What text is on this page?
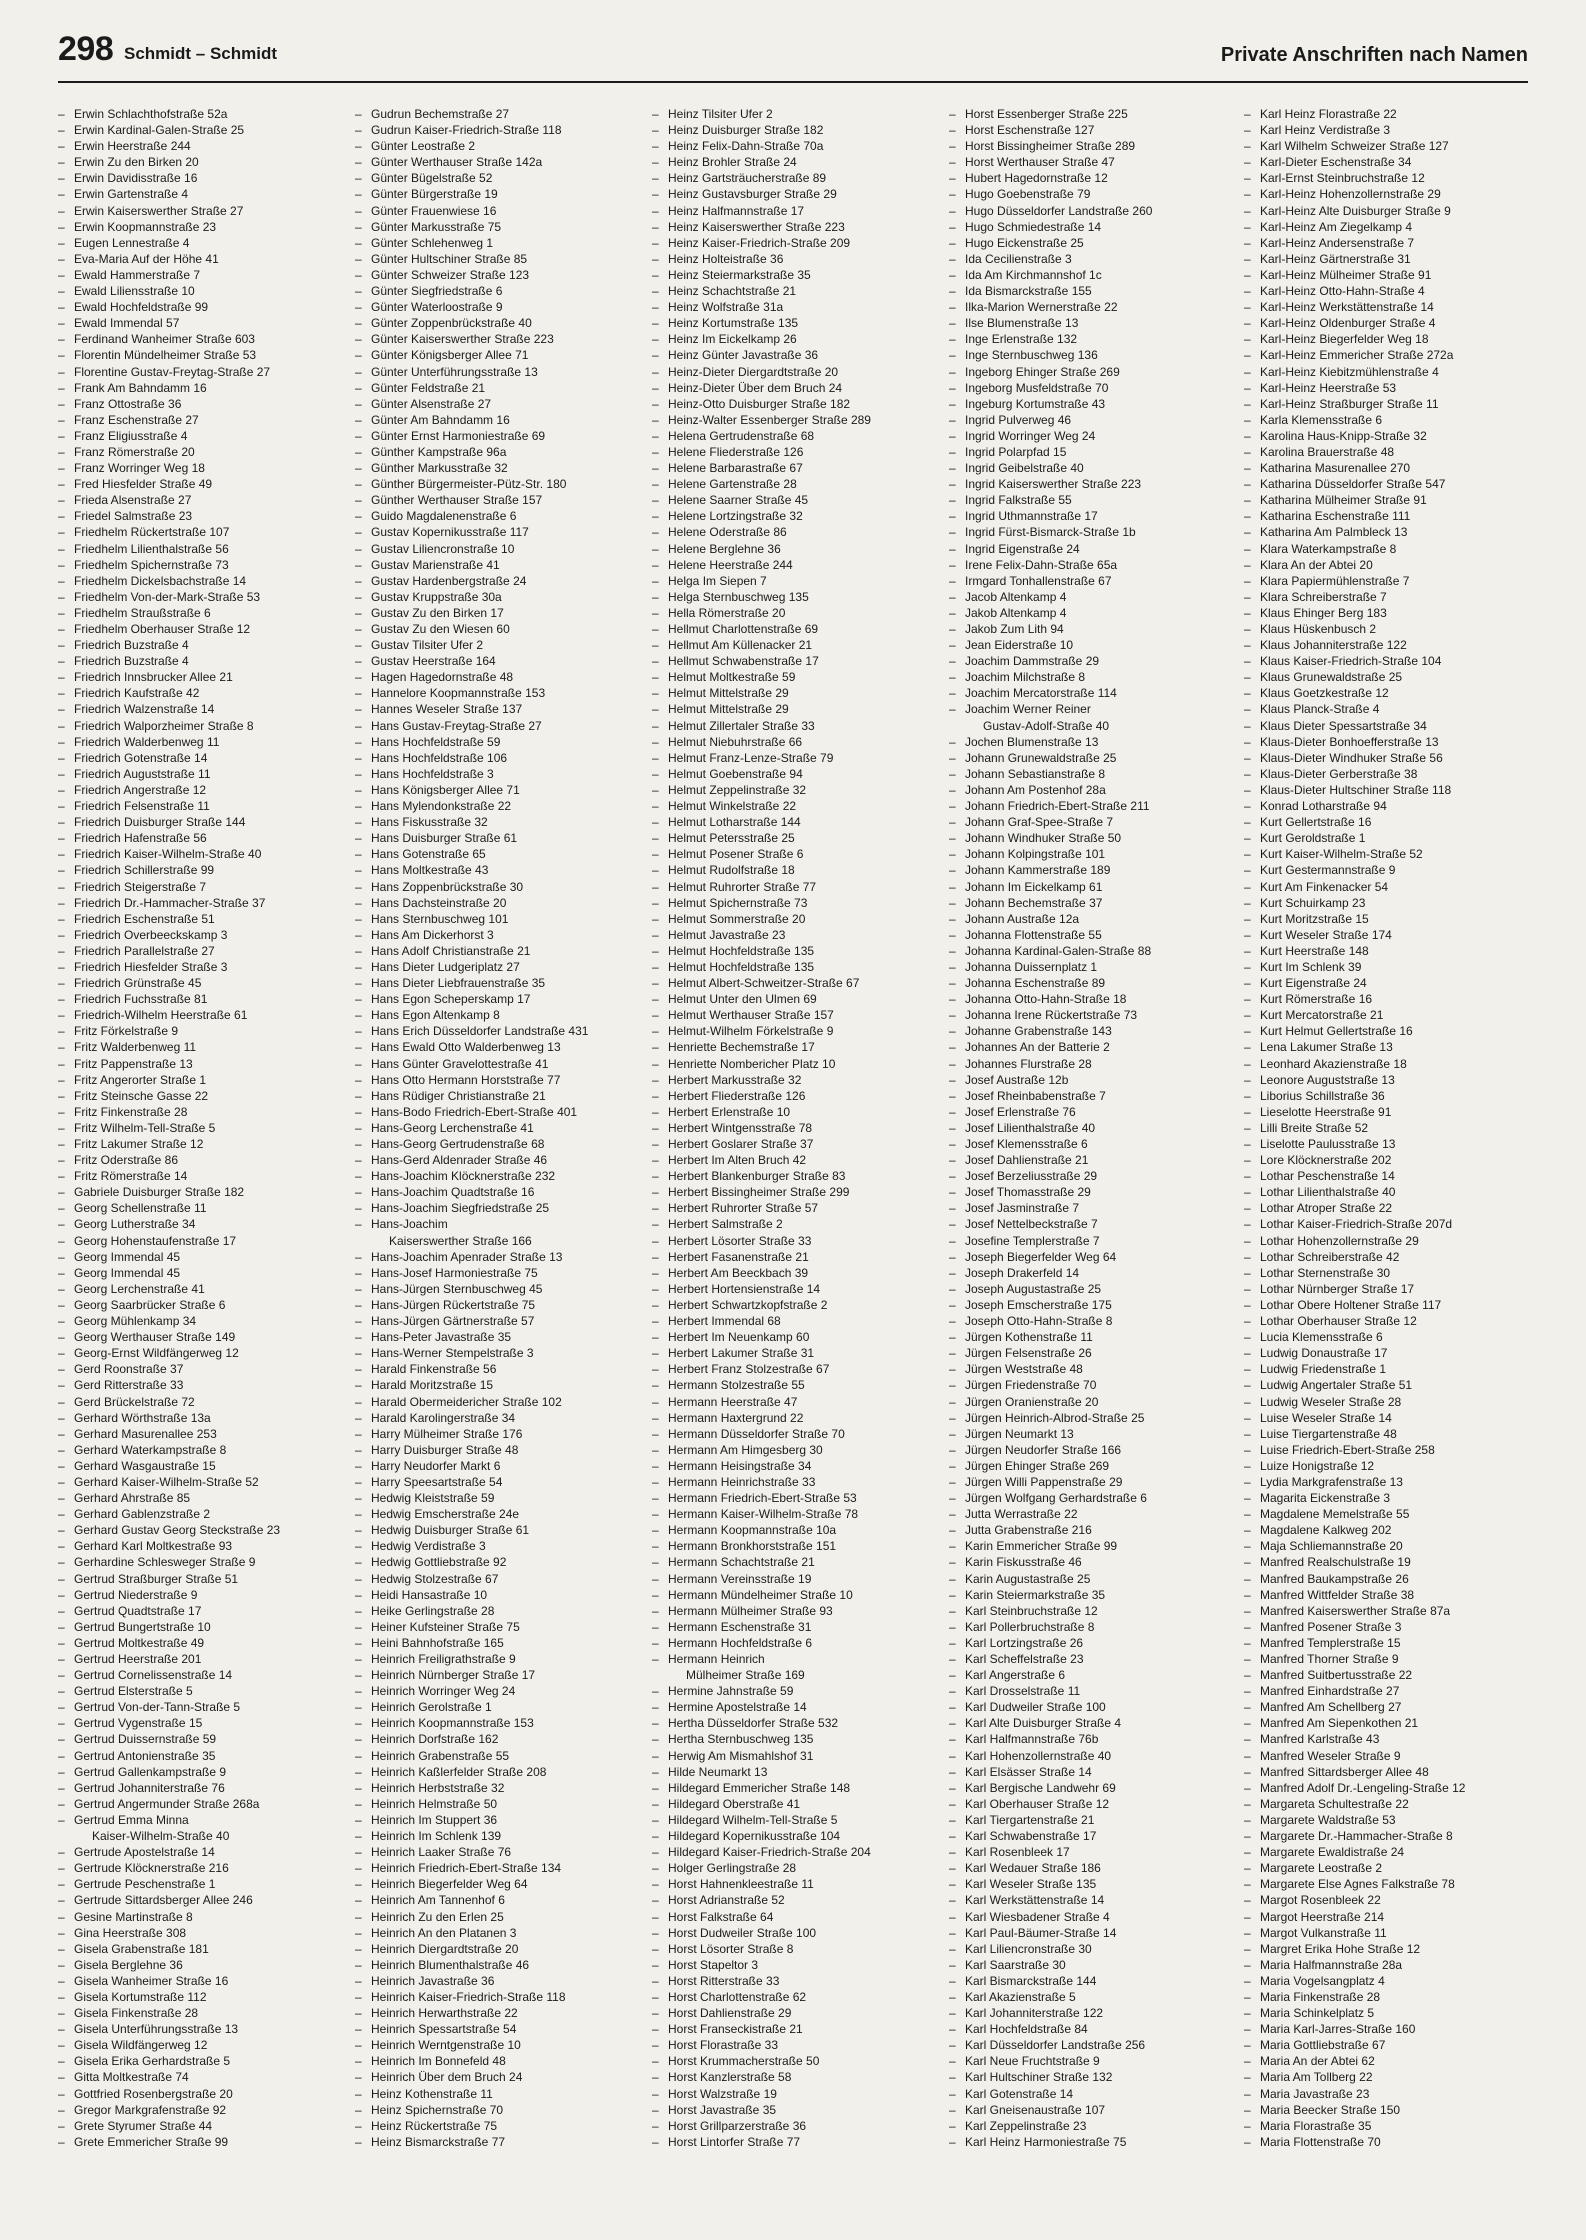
298 Schmidt – Schmidt	Private Anschriften nach Namen
– Erwin Schlachthofstraße 52a
– Erwin Kardinal-Galen-Straße 25
– Erwin Heerstraße 244
– Erwin Zu den Birken 20
– Erwin Davidisstraße 16
– Erwin Gartenstraße 4
– Erwin Kaiserswerther Straße 27
– Erwin Koopmannstraße 23
– Eugen Lennestraße 4
– Eva-Maria Auf der Höhe 41
– Ewald Hammerstraße 7
– Ewald Liliensstraße 10
– Ewald Hochfeldstraße 99
– Ewald Immendal 57
– Ferdinand Wanheimer Straße 603
– Florentin Mündelheimer Straße 53
– Florentine Gustav-Freytag-Straße 27
– Frank Am Bahndamm 16
– Franz Ottostraße 36
– Franz Eschenstraße 27
– Franz Eligiusstraße 4
– Franz Römerstraße 20
– Franz Worringer Weg 18
– Fred Hiesfelder Straße 49
– Frieda Alsenstraße 27
– Friedel Salmstraße 23
– Friedhelm Rückertstraße 107
– Friedhelm Lilienthalstraße 56
– Friedhelm Spichernstraße 73
– Friedhelm Dickelsbachstraße 14
– Friedhelm Von-der-Mark-Straße 53
– Friedhelm Straußstraße 6
– Friedhelm Oberhauser Straße 12
– Friedrich Buzstraße 4
– Friedrich Buzstraße 4
– Friedrich Innsbrucker Allee 21
– Friedrich Kaufstraße 42
– Friedrich Walzenstraße 14
– Friedrich Walporzheimer Straße 8
– Friedrich Walderbenweg 11
– Friedrich Gotenstraße 14
– Friedrich Auguststraße 11
– Friedrich Angerstraße 12
– Friedrich Felsenstraße 11
– Friedrich Duisburger Straße 144
– Friedrich Hafenstraße 56
– Friedrich Kaiser-Wilhelm-Straße 40
– Friedrich Schillerstraße 99
– Friedrich Steigerstraße 7
– Friedrich Dr.-Hammacher-Straße 37
– Friedrich Eschenstraße 51
– Friedrich Overbeeckskamp 3
– Friedrich Parallelstraße 27
– Friedrich Hiesfelder Straße 3
– Friedrich Grünstraße 45
– Friedrich Fuchsstraße 81
– Friedrich-Wilhelm Heerstraße 61
– Fritz Förkelstraße 9
– Fritz Walderbenweg 11
– Fritz Pappenstraße 13
– Fritz Angerorter Straße 1
– Fritz Steinsche Gasse 22
– Fritz Finkenstraße 28
– Fritz Wilhelm-Tell-Straße 5
– Fritz Lakumer Straße 12
– Fritz Oderstraße 86
– Fritz Römerstraße 14
– Gabriele Duisburger Straße 182
– Georg Schellenstraße 11
– Georg Lutherstraße 34
– Georg Hohenstaufenstraße 17
– Georg Immendal 45
– Georg Immendal 45
– Georg Lerchenstraße 41
– Georg Saarbrücker Straße 6
– Georg Mühlenkamp 34
– Georg Werthauser Straße 149
– Georg-Ernst Wildfängerweg 12
– Gerd Roonstraße 37
– Gerd Ritterstraße 33
– Gerd Brückelstraße 72
– Gerhard Wörthstraße 13a
– Gerhard Masurenallee 253
– Gerhard Waterkampstraße 8
– Gerhard Wasgaustraße 15
– Gerhard Kaiser-Wilhelm-Straße 52
– Gerhard Ahrstraße 85
– Gerhard Gablenzstraße 2
– Gerhard Gustav Georg Steckstraße 23
– Gerhard Karl Moltkestraße 93
– Gerhardine Schlesweger Straße 9
– Gertrud Straßburger Straße 51
– Gertrud Niederstraße 9
– Gertrud Quadtstraße 17
– Gertrud Bungertstraße 10
– Gertrud Moltkestraße 49
– Gertrud Heerstraße 201
– Gertrud Cornelissenstraße 14
– Gertrud Elsterstraße 5
– Gertrud Von-der-Tann-Straße 5
– Gertrud Vygenstraße 15
– Gertrud Duissernstraße 59
– Gertrud Antonienstraße 35
– Gertrud Gallenkampstraße 9
– Gertrud Johanniterstraße 76
– Gertrud Angermunder Straße 268a
– Gertrud Emma Minna
Kaiser-Wilhelm-Straße 40
– Gertrude Apostelstraße 14
– Gertrude Klöcknerstraße 216
– Gertrude Peschenstraße 1
– Gertrude Sittardsberger Allee 246
– Gesine Martinstraße 8
– Gina Heerstraße 308
– Gisela Grabenstraße 181
– Gisela Berglehne 36
– Gisela Wanheimer Straße 16
– Gisela Kortumstraße 112
– Gisela Finkenstraße 28
– Gisela Unterführungsstraße 13
– Gisela Wildfängerweg 12
– Gisela Erika Gerhardstraße 5
– Gitta Moltkestraße 74
– Gottfried Rosenbergstraße 20
– Gregor Markgrafenstraße 92
– Grete Styrumer Straße 44
– Grete Emmericher Straße 99
– Gudrun Bechemstraße 27
– Gudrun Kaiser-Friedrich-Straße 118
– Günter Leostraße 2
– Günter Werthauser Straße 142a
– Günter Bügelstraße 52
– Günter Bürgerstraße 19
– Günter Frauenwiese 16
– Günter Markusstraße 75
– Günter Schlehenweg 1
– Günter Hultschiner Straße 85
– Günter Schweizer Straße 123
– Günter Siegfriedstraße 6
– Günter Waterloostraße 9
– Günter Zoppenbrückstraße 40
– Günter Kaiserswerther Straße 223
– Günter Königsberger Allee 71
– Günter Unterführungsstraße 13
– Günter Feldstraße 21
– Günter Alsenstraße 27
– Günter Am Bahndamm 16
– Günter Ernst Harmoniestraße 69
– Günther Kampstraße 96a
– Günther Markusstraße 32
– Günther Bürgermeister-Pütz-Str. 180
– Günther Werthauser Straße 157
– Guido Magdalenenstraße 6
– Gustav Kopernikusstraße 117
– Gustav Liliencronstraße 10
– Gustav Marienstraße 41
– Gustav Hardenbergstraße 24
– Gustav Kruppstraße 30a
– Gustav Zu den Birken 17
– Gustav Zu den Wiesen 60
– Gustav Tilsiter Ufer 2
– Gustav Heerstraße 164
– Hagen Hagedornstraße 48
– Hannelore Koopmannstraße 153
– Hannes Weseler Straße 137
– Hans Gustav-Freytag-Straße 27
– Hans Hochfeldstraße 59
– Hans Hochfeldstraße 106
– Hans Hochfeldstraße 3
– Hans Königsberger Allee 71
– Hans Mylendonkstraße 22
– Hans Fiskusstraße 32
– Hans Duisburger Straße 61
– Hans Gotenstraße 65
– Hans Moltkestraße 43
– Hans Zoppenbrückstraße 30
– Hans Dachsteinstraße 20
– Hans Sternbuschweg 101
– Hans Am Dickerhorst 3
– Hans Adolf Christianstraße 21
– Hans Dieter Ludgeriplatz 27
– Hans Dieter Liebfrauenstraße 35
– Hans Egon Scheperskamp 17
– Hans Egon Altenkamp 8
– Hans Erich Düsseldorfer Landstraße 431
– Hans Ewald Otto Walderbenweg 13
– Hans Günter Gravelottestraße 41
– Hans Otto Hermann Horststraße 77
– Hans Rüdiger Christianstraße 21
– Hans-Bodo Friedrich-Ebert-Straße 401
– Hans-Georg Lerchenstraße 41
– Hans-Georg Gertrudenstraße 68
– Hans-Gerd Aldenrader Straße 46
– Hans-Joachim Klöcknerstraße 232
– Hans-Joachim Quadtstraße 16
– Hans-Joachim Siegfriedstraße 25
– Hans-Joachim
Kaiserswerther Straße 166
– Hans-Joachim Apenrader Straße 13
– Hans-Josef Harmoniestraße 75
– Hans-Jürgen Sternbuschweg 45
– Hans-Jürgen Rückertstraße 75
– Hans-Jürgen Gärtnerstraße 57
– Hans-Peter Javastraße 35
– Hans-Werner Stempelstraße 3
– Harald Finkenstraße 56
– Harald Moritzstraße 15
– Harald Obermeidericher Straße 102
– Harald Karolingerstraße 34
– Harry Mülheimer Straße 176
– Harry Duisburger Straße 48
– Harry Neudorfer Markt 6
– Harry Speesartstraße 54
– Hedwig Kleiststraße 59
– Hedwig Emscherstraße 24e
– Hedwig Duisburger Straße 61
– Hedwig Verdistraße 3
– Hedwig Gottliebstraße 92
– Hedwig Stolzestraße 67
– Heidi Hansastraße 10
– Heike Gerlingstraße 28
– Heiner Kufsteiner Straße 75
– Heini Bahnhofstraße 165
– Heinrich Freiligrathstraße 9
– Heinrich Nürnberger Straße 17
– Heinrich Worringer Weg 24
– Heinrich Gerolstraße 1
– Heinrich Koopmannstraße 153
– Heinrich Dorfstraße 162
– Heinrich Grabenstraße 55
– Heinrich Kaßlerfelder Straße 208
– Heinrich Herbststraße 32
– Heinrich Helmstraße 50
– Heinrich Im Stuppert 36
– Heinrich Im Schlenk 139
– Heinrich Laaker Straße 76
– Heinrich Friedrich-Ebert-Straße 134
– Heinrich Biegerfelder Weg 64
– Heinrich Am Tannenhof 6
– Heinrich Zu den Erlen 25
– Heinrich An den Platanen 3
– Heinrich Diergardtstraße 20
– Heinrich Blumenthalstraße 46
– Heinrich Javastraße 36
– Heinrich Kaiser-Friedrich-Straße 118
– Heinrich Herwarthstraße 22
– Heinrich Spessartstraße 54
– Heinrich Werntgenstraße 10
– Heinrich Im Bonnefeld 48
– Heinrich Über dem Bruch 24
– Heinz Kothenstraße 11
– Heinz Spichernstraße 70
– Heinz Rückertstraße 75
– Heinz Bismarckstraße 77
– Heinz Tilsiter Ufer 2
– Heinz Duisburger Straße 182
– Heinz Felix-Dahn-Straße 70a
– Heinz Brohler Straße 24
– Heinz Gartsträucherstraße 89
– Heinz Gustavsburger Straße 29
– Heinz Halfmannstraße 17
– Heinz Kaiserswerther Straße 223
– Heinz Kaiser-Friedrich-Straße 209
– Heinz Holteistraße 36
– Heinz Steiermarkstraße 35
– Heinz Schachtstraße 21
– Heinz Wolfstraße 31a
– Heinz Kortumstraße 135
– Heinz Im Eickelkamp 26
– Heinz Günter Javastraße 36
– Heinz-Dieter Diergardtstraße 20
– Heinz-Dieter Über dem Bruch 24
– Heinz-Otto Duisburger Straße 182
– Heinz-Walter Essenberger Straße 289
– Helena Gertrudenstraße 68
– Helene Fliederstraße 126
– Helene Barbarastraße 67
– Helene Gartenstraße 28
– Helene Saarner Straße 45
– Helene Lortzingstraße 32
– Helene Oderstraße 86
– Helene Berglehne 36
– Helene Heerstraße 244
– Helga Im Siepen 7
– Helga Sternbuschweg 135
– Hella Römerstraße 20
– Hellmut Charlottenstraße 69
– Hellmut Am Küllenacker 21
– Hellmut Schwabenstraße 17
– Helmut Moltkestraße 59
– Helmut Mittelstraße 29
– Helmut Mittelstraße 29
– Helmut Zillertaler Straße 33
– Helmut Niebuhrstraße 66
– Helmut Franz-Lenze-Straße 79
– Helmut Goebenstraße 94
– Helmut Zeppelinstraße 32
– Helmut Winkelstraße 22
– Helmut Lotharstraße 144
– Helmut Petersstraße 25
– Helmut Posener Straße 6
– Helmut Rudolfstraße 18
– Helmut Ruhrorter Straße 77
– Helmut Spichernstraße 73
– Helmut Sommerstraße 20
– Helmut Javastraße 23
– Helmut Hochfeldstraße 135
– Helmut Hochfeldstraße 135
– Helmut Albert-Schweitzer-Straße 67
– Helmut Unter den Ulmen 69
– Helmut Werthauser Straße 157
– Helmut-Wilhelm Förkelstraße 9
– Henriette Bechemstraße 17
– Henriette Nombericher Platz 10
– Herbert Markusstraße 32
– Herbert Fliederstraße 126
– Herbert Erlenstraße 10
– Herbert Wintgensstraße 78
– Herbert Goslarer Straße 37
– Herbert Im Alten Bruch 42
– Herbert Blankenburger Straße 83
– Herbert Bissingheimer Straße 299
– Herbert Ruhrorter Straße 57
– Herbert Salmstraße 2
– Herbert Lösorter Straße 33
– Herbert Fasanenstraße 21
– Herbert Am Beeckbach 39
– Herbert Hortensienstraße 14
– Herbert Schwartzkopfstraße 2
– Herbert Immendal 68
– Herbert Im Neuenkamp 60
– Herbert Lakumer Straße 31
– Herbert Franz Stolzestraße 67
– Hermann Stolzestraße 55
– Hermann Heerstraße 47
– Hermann Haxtergrund 22
– Hermann Düsseldorfer Straße 70
– Hermann Am Himgesberg 30
– Hermann Heisingstraße 34
– Hermann Heinrichstraße 33
– Hermann Friedrich-Ebert-Straße 53
– Hermann Kaiser-Wilhelm-Straße 78
– Hermann Koopmannstraße 10a
– Hermann Bronkhorststraße 151
– Hermann Schachtstraße 21
– Hermann Vereinsstraße 19
– Hermann Mündelheimer Straße 10
– Hermann Mülheimer Straße 93
– Hermann Eschenstraße 31
– Hermann Hochfeldstraße 6
– Hermann Heinrich
Mülheimer Straße 169
– Hermine Jahnstraße 59
– Hermine Apostelstraße 14
– Hertha Düsseldorfer Straße 532
– Hertha Sternbuschweg 135
– Herwig Am Mismahlshof 31
– Hilde Neumarkt 13
– Hildegard Emmericher Straße 148
– Hildegard Oberstraße 41
– Hildegard Wilhelm-Tell-Straße 5
– Hildegard Kopernikusstraße 104
– Hildegard Kaiser-Friedrich-Straße 204
– Holger Gerlingstraße 28
– Horst Hahnenkleestraße 11
– Horst Adrianstraße 52
– Horst Falkstraße 64
– Horst Dudweiler Straße 100
– Horst Lösorter Straße 8
– Horst Stapeltor 3
– Horst Ritterstraße 33
– Horst Charlottenstraße 62
– Horst Dahlienstraße 29
– Horst Franseckistraße 21
– Horst Florastraße 33
– Horst Krummacherstraße 50
– Horst Kanzlerstraße 58
– Horst Walzstraße 19
– Horst Javastraße 35
– Horst Grillparzerstraße 36
– Horst Lintorfer Straße 77
– Horst Essenberger Straße 225
– Horst Eschenstraße 127
– Horst Bissingheimer Straße 289
– Horst Werthauser Straße 47
– Hubert Hagedornstraße 12
– Hugo Goebenstraße 79
– Hugo Düsseldorfer Landstraße 260
– Hugo Schmiedestraße 14
– Hugo Eickenstraße 25
– Ida Cecilienstraße 3
– Ida Am Kirchmannshof 1c
– Ida Bismarckstraße 155
– Ilka-Marion Wernerstraße 22
– Ilse Blumenstraße 13
– Inge Erlenstraße 132
– Inge Sternbuschweg 136
– Ingeborg Ehinger Straße 269
– Ingeborg Musfeldstraße 70
– Ingeburg Kortumstraße 43
– Ingrid Pulverweg 46
– Ingrid Worringer Weg 24
– Ingrid Polarpfad 15
– Ingrid Geibelstraße 40
– Ingrid Kaiserswerther Straße 223
– Ingrid Falkstraße 55
– Ingrid Uthmannstraße 17
– Ingrid Fürst-Bismarck-Straße 1b
– Ingrid Eigenstraße 24
– Irene Felix-Dahn-Straße 65a
– Irmgard Tonhallenstraße 67
– Jacob Altenkamp 4
– Jakob Altenkamp 4
– Jakob Zum Lith 94
– Jean Eiderstraße 10
– Joachim Dammstraße 29
– Joachim Milchstraße 8
– Joachim Mercatorstraße 114
– Joachim Werner Reiner
Gustav-Adolf-Straße 40
– Jochen Blumenstraße 13
– Johann Grunewaldstraße 25
– Johann Sebastianstraße 8
– Johann Am Postenhof 28a
– Johann Friedrich-Ebert-Straße 211
– Johann Graf-Spee-Straße 7
– Johann Windhuker Straße 50
– Johann Kolpingstraße 101
– Johann Kammerstraße 189
– Johann Im Eickelkamp 61
– Johann Bechemstraße 37
– Johann Austraße 12a
– Johanna Flottenstraße 55
– Johanna Kardinal-Galen-Straße 88
– Johanna Duissernplatz 1
– Johanna Eschenstraße 89
– Johanna Otto-Hahn-Straße 18
– Johanna Irene Rückertstraße 73
– Johanne Grabenstraße 143
– Johannes An der Batterie 2
– Johannes Flurstraße 28
– Josef Austraße 12b
– Josef Rheinbabenstraße 7
– Josef Erlenstraße 76
– Josef Lilienthalstraße 40
– Josef Klemensstraße 6
– Josef Dahlienstraße 21
– Josef Berzeliusstraße 29
– Josef Thomasstraße 29
– Josef Jasminstraße 7
– Josef Nettelbeckstraße 7
– Josefine Templerstraße 7
– Joseph Biegerfelder Weg 64
– Joseph Drakerfeld 14
– Joseph Augustastraße 25
– Joseph Emscherstraße 175
– Joseph Otto-Hahn-Straße 8
– Jürgen Kothenstraße 11
– Jürgen Felsenstraße 26
– Jürgen Weststraße 48
– Jürgen Friedenstraße 70
– Jürgen Oranienstraße 20
– Jürgen Heinrich-Albrod-Straße 25
– Jürgen Neumarkt 13
– Jürgen Neudorfer Straße 166
– Jürgen Ehinger Straße 269
– Jürgen Willi Pappenstraße 29
– Jürgen Wolfgang Gerhardstraße 6
– Jutta Werrastraße 22
– Jutta Grabenstraße 216
– Karin Emmericher Straße 99
– Karin Fiskusstraße 46
– Karin Augustastraße 25
– Karin Steiermarkstraße 35
– Karl Steinbruchstraße 12
– Karl Pollerbruchstraße 8
– Karl Lortzingstraße 26
– Karl Scheffelstraße 23
– Karl Angerstraße 6
– Karl Drosselstraße 11
– Karl Dudweiler Straße 100
– Karl Alte Duisburger Straße 4
– Karl Halfmannstraße 76b
– Karl Hohenzollernstraße 40
– Karl Elsässer Straße 14
– Karl Bergische Landwehr 69
– Karl Oberhauser Straße 12
– Karl Tiergartenstraße 21
– Karl Schwabenstraße 17
– Karl Rosenbleek 17
– Karl Wedauer Straße 186
– Karl Weseler Straße 135
– Karl Werkstättenstraße 14
– Karl Wiesbadener Straße 4
– Karl Paul-Bäumer-Straße 14
– Karl Liliencronstraße 30
– Karl Saarstraße 30
– Karl Bismarckstraße 144
– Karl Akazienstraße 5
– Karl Johanniterstraße 122
– Karl Hochfeldstraße 84
– Karl Düsseldorfer Landstraße 256
– Karl Neue Fruchtstraße 9
– Karl Hultschiner Straße 132
– Karl Gotenstraße 14
– Karl Gneisenaustraße 107
– Karl Zeppelinstraße 23
– Karl Heinz Harmoniestraße 75
– Karl Heinz Florastraße 22
– Karl Heinz Verdistraße 3
– Karl Wilhelm Schweizer Straße 127
– Karl-Dieter Eschenstraße 34
– Karl-Ernst Steinbruchstraße 12
– Karl-Heinz Hohenzollernstraße 29
– Karl-Heinz Alte Duisburger Straße 9
– Karl-Heinz Am Ziegelkamp 4
– Karl-Heinz Andersenstraße 7
– Karl-Heinz Gärtnerstraße 31
– Karl-Heinz Mülheimer Straße 91
– Karl-Heinz Otto-Hahn-Straße 4
– Karl-Heinz Werkstättenstraße 14
– Karl-Heinz Oldenburger Straße 4
– Karl-Heinz Biegerfelder Weg 18
– Karl-Heinz Emmericher Straße 272a
– Karl-Heinz Kiebitzmühlenstraße 4
– Karl-Heinz Heerstraße 53
– Karl-Heinz Straßburger Straße 11
– Karla Klemensstraße 6
– Karolina Haus-Knipp-Straße 32
– Karolina Brauerstraße 48
– Katharina Masurenallee 270
– Katharina Düsseldorfer Straße 547
– Katharina Mülheimer Straße 91
– Katharina Eschenstraße 111
– Katharina Am Palmbleck 13
– Klara Waterkampstraße 8
– Klara An der Abtei 20
– Klara Papiermühlenstraße 7
– Klara Schreiberstraße 7
– Klaus Ehinger Berg 183
– Klaus Hüskenbusch 2
– Klaus Johanniterstraße 122
– Klaus Kaiser-Friedrich-Straße 104
– Klaus Grunewaldstraße 25
– Klaus Goetzkestraße 12
– Klaus Planck-Straße 4
– Klaus Dieter Spessartstraße 34
– Klaus-Dieter Bonhoefferstraße 13
– Klaus-Dieter Windhuker Straße 56
– Klaus-Dieter Gerberstraße 38
– Klaus-Dieter Hultschiner Straße 118
– Konrad Lotharstraße 94
– Kurt Gellertstraße 16
– Kurt Geroldstraße 1
– Kurt Kaiser-Wilhelm-Straße 52
– Kurt Gestermannstraße 9
– Kurt Am Finkenacker 54
– Kurt Schuirkamp 23
– Kurt Moritzstraße 15
– Kurt Weseler Straße 174
– Kurt Heerstraße 148
– Kurt Im Schlenk 39
– Kurt Eigenstraße 24
– Kurt Römerstraße 16
– Kurt Mercatorstraße 21
– Kurt Helmut Gellertstraße 16
– Lena Lakumer Straße 13
– Leonhard Akazienstraße 18
– Leonore Auguststraße 13
– Liborius Schillstraße 36
– Lieselotte Heerstraße 91
– Lilli Breite Straße 52
– Liselotte Paulusstraße 13
– Lore Klöcknerstraße 202
– Lothar Peschenstraße 14
– Lothar Lilienthalstraße 40
– Lothar Atroper Straße 22
– Lothar Kaiser-Friedrich-Straße 207d
– Lothar Hohenzollernstraße 29
– Lothar Schreiberstraße 42
– Lothar Sternenstraße 30
– Lothar Nürnberger Straße 17
– Lothar Obere Holtener Straße 117
– Lothar Oberhauser Straße 12
– Lucia Klemensstraße 6
– Ludwig Donaustraße 17
– Ludwig Friedenstraße 1
– Ludwig Angertaler Straße 51
– Ludwig Weseler Straße 28
– Luise Weseler Straße 14
– Luise Tiergartenstraße 48
– Luise Friedrich-Ebert-Straße 258
– Luize Honigstraße 12
– Lydia Markgrafenstraße 13
– Magarita Eickenstraße 3
– Magdalene Memelstraße 55
– Magdalene Kalkweg 202
– Maja Schliemannstraße 20
– Manfred Realschulstraße 19
– Manfred Baukampstraße 26
– Manfred Wittfelder Straße 38
– Manfred Kaiserswerther Straße 87a
– Manfred Posener Straße 3
– Manfred Templerstraße 15
– Manfred Thorner Straße 9
– Manfred Suitbertusstraße 22
– Manfred Einhardstraße 27
– Manfred Am Schellberg 27
– Manfred Am Siepenkothen 21
– Manfred Karlstraße 43
– Manfred Weseler Straße 9
– Manfred Sittardsberger Allee 48
– Manfred Adolf Dr.-Lengeling-Straße 12
– Margareta Schultestraße 22
– Margarete Waldstraße 53
– Margarete Dr.-Hammacher-Straße 8
– Margarete Ewaldistraße 24
– Margarete Leostraße 2
– Margarete Else Agnes Falkstraße 78
– Margot Rosenbleek 22
– Margot Heerstraße 214
– Margot Vulkanstraße 11
– Margret Erika Hohe Straße 12
– Maria Halfmannstraße 28a
– Maria Vogelsangplatz 4
– Maria Finkenstraße 28
– Maria Schinkelplatz 5
– Maria Karl-Jarres-Straße 160
– Maria Gottliebstraße 67
– Maria An der Abtei 62
– Maria Am Tollberg 22
– Maria Javastraße 23
– Maria Beecker Straße 150
– Maria Florastraße 35
– Maria Flottenstraße 70
